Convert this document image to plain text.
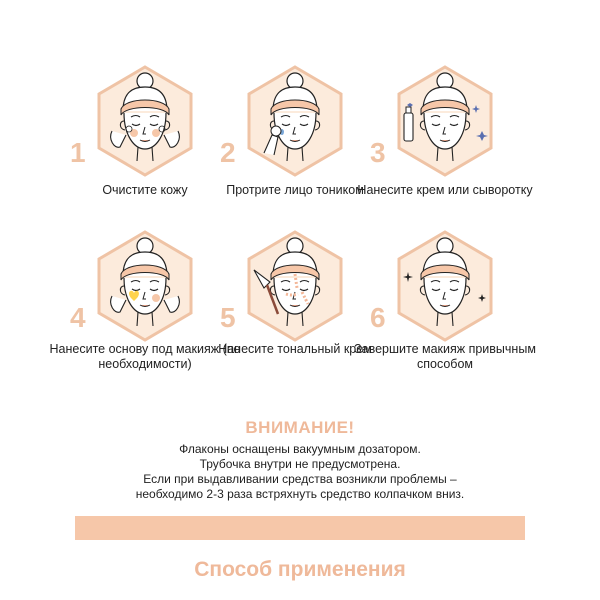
1
Очистите кожу
2
Протрите лицо тоником
3
Нанесите крем или сыворотку
4
Нанесите основу под макияж (по необходимости)
5
Нанесите тональный крем
6
Завершите макияж привычным способом
ВНИМАНИЕ!
Флаконы оснащены вакуумным дозатором.
Трубочка внутри не предусмотрена.
Если при выдавливании средства возникли проблемы –
необходимо 2-3 раза встряхнуть средство колпачком вниз.
Способ применения
